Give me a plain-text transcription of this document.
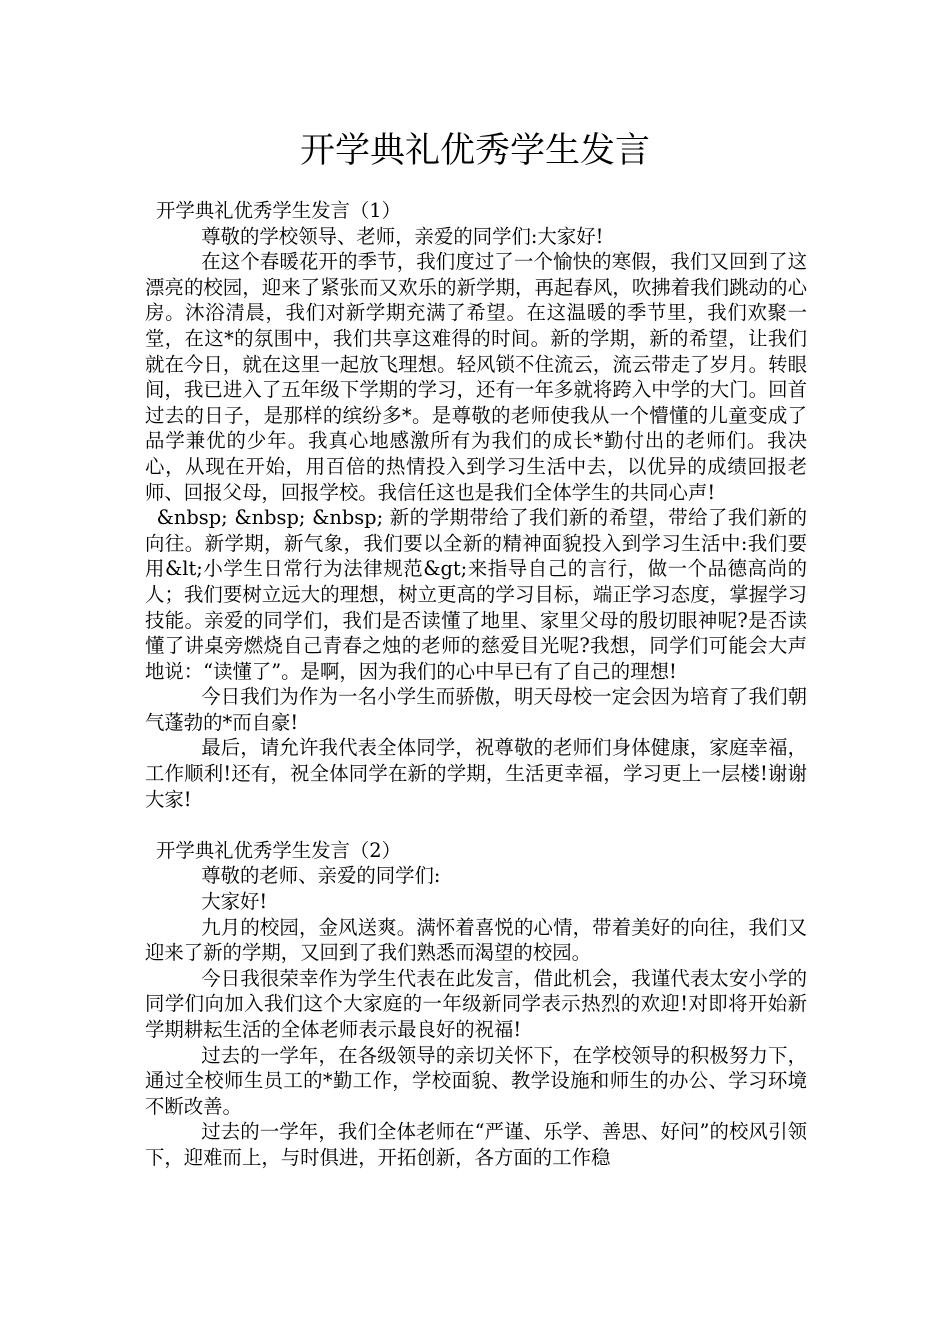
开学典礼优秀学生发言
开学典礼优秀学生发言（1）

尊敬的学校领导、老师，亲爱的同学们:大家好!

在这个春暖花开的季节，我们度过了一个愉快的寒假，我们又回到了这漂亮的校园，迎来了紧张而又欢乐的新学期，再起春风，吹拂着我们跳动的心房。沐浴清晨，我们对新学期充满了希望。在这温暖的季节里，我们欢聚一堂，在这*的氛围中，我们共享这难得的时间。新的学期，新的希望，让我们就在今日，就在这里一起放飞理想。轻风锁不住流云，流云带走了岁月。转眼间，我已进入了五年级下学期的学习，还有一年多就将跨入中学的大门。回首过去的日子，是那样的缤纷多*。是尊敬的老师使我从一个懵懂的儿童变成了品学兼优的少年。我真心地感激所有为我们的成长*勤付出的老师们。我决心，从现在开始，用百倍的热情投入到学习生活中去，以优异的成绩回报老师、回报父母，回报学校。我信任这也是我们全体学生的共同心声!

&nbsp; &nbsp; &nbsp; 新的学期带给了我们新的希望，带给了我们新的向往。新学期，新气象，我们要以全新的精神面貌投入到学习生活中:我们要用&lt;小学生日常行为法律规范&gt;来指导自己的言行，做一个品德高尚的人；我们要树立远大的理想，树立更高的学习目标，端正学习态度，掌握学习技能。亲爱的同学们，我们是否读懂了地里、家里父母的殷切眼神呢?是否读懂了讲桌旁燃烧自己青春之烛的老师的慈爱目光呢?我想，同学们可能会大声地说：“读懂了”。是啊，因为我们的心中早已有了自己的理想!

今日我们为作为一名小学生而骄傲，明天母校一定会因为培育了我们朝气蓬勃的*而自豪!

最后，请允许我代表全体同学，祝尊敬的老师们身体健康，家庭幸福，工作顺利!还有，祝全体同学在新的学期，生活更幸福，学习更上一层楼!谢谢大家!

开学典礼优秀学生发言（2）

尊敬的老师、亲爱的同学们:

大家好!

九月的校园，金风送爽。满怀着喜悦的心情，带着美好的向往，我们又迎来了新的学期，又回到了我们熟悉而渴望的校园。

今日我很荣幸作为学生代表在此发言，借此机会，我谨代表太安小学的同学们向加入我们这个大家庭的一年级新同学表示热烈的欢迎!对即将开始新学期耕耘生活的全体老师表示最良好的祝福!

过去的一学年，在各级领导的亲切关怀下，在学校领导的积极努力下，通过全校师生员工的*勤工作，学校面貌、教学设施和师生的办公、学习环境不断改善。

过去的一学年，我们全体老师在“严谨、乐学、善思、好问”的校风引领下，迎难而上，与时俱进，开拓创新，各方面的工作稳
